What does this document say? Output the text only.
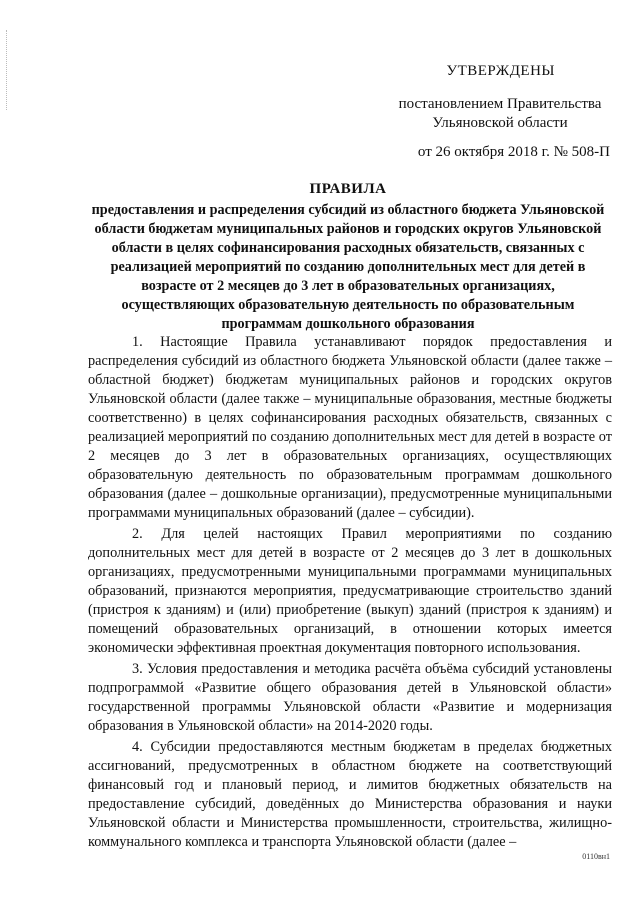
УТВЕРЖДЕНЫ
постановлением Правительства
Ульяновской области
от 26 октября 2018 г. № 508-П
ПРАВИЛА
предоставления и распределения субсидий из областного бюджета Ульяновской области бюджетам муниципальных районов и городских округов Ульяновской области в целях софинансирования расходных обязательств, связанных с реализацией мероприятий по созданию дополнительных мест для детей в возрасте от 2 месяцев до 3 лет в образовательных организациях, осуществляющих образовательную деятельность по образовательным программам дошкольного образования

1. Настоящие Правила устанавливают порядок предоставления и распределения субсидий из областного бюджета Ульяновской области (далее также – областной бюджет) бюджетам муниципальных районов и городских округов Ульяновской области (далее также – муниципальные образования, местные бюджеты соответственно) в целях софинансирования расходных обязательств, связанных с реализацией мероприятий по созданию дополнительных мест для детей в возрасте от 2 месяцев до 3 лет в образовательных организациях, осуществляющих образовательную деятельность по образовательным программам дошкольного образования (далее – дошкольные организации), предусмотренные муниципальными программами муниципальных образований (далее – субсидии).

2. Для целей настоящих Правил мероприятиями по созданию дополнительных мест для детей в возрасте от 2 месяцев до 3 лет в дошкольных организациях, предусмотренными муниципальными программами муниципальных образований, признаются мероприятия, предусматривающие строительство зданий (пристроя к зданиям) и (или) приобретение (выкуп) зданий (пристроя к зданиям) и помещений образовательных организаций, в отношении которых имеется экономически эффективная проектная документация повторного использования.

3. Условия предоставления и методика расчёта объёма субсидий установлены подпрограммой «Развитие общего образования детей в Ульяновской области» государственной программы Ульяновской области «Развитие и модернизация образования в Ульяновской области» на 2014-2020 годы.

4. Субсидии предоставляются местным бюджетам в пределах бюджетных ассигнований, предусмотренных в областном бюджете на соответствующий финансовый год и плановый период, и лимитов бюджетных обязательств на предоставление субсидий, доведённых до Министерства образования и науки Ульяновской области и Министерства промышленности, строительства, жилищно-коммунального комплекса и транспорта Ульяновской области (далее –

0110вн1
